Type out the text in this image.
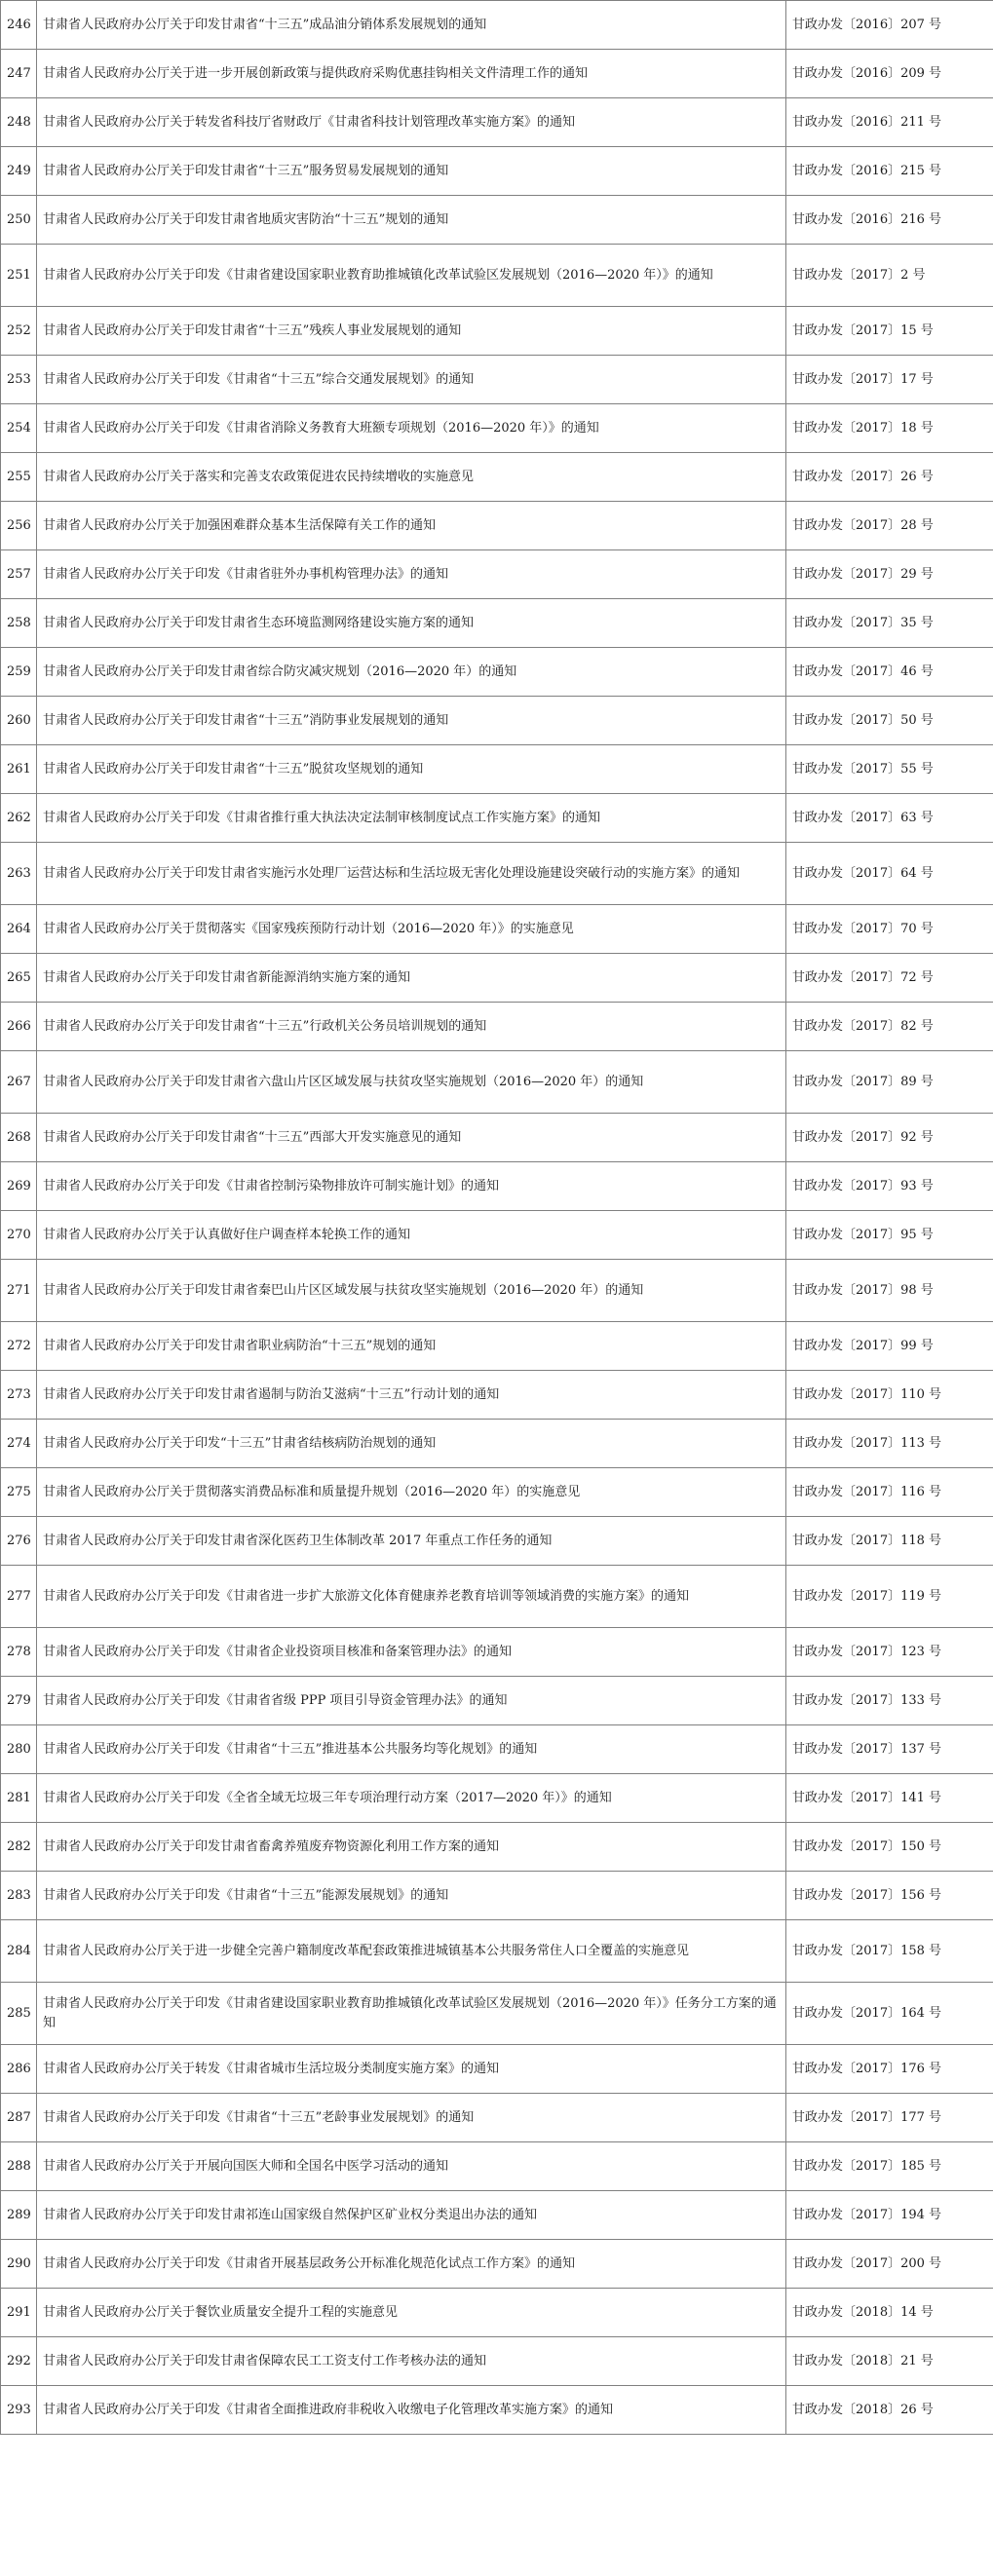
246	甘肃省人民政府办公厅关于印发甘肃省“十三五”成品油分销体系发展规划的通知	甘政办发〔2016〕207 号
247	甘肃省人民政府办公厅关于进一步开展创新政策与提供政府采购优惠挂钩相关文件清理工作的通知	甘政办发〔2016〕209 号
248	甘肃省人民政府办公厅关于转发省科技厅省财政厅《甘肃省科技计划管理改革实施方案》的通知	甘政办发〔2016〕211 号
249	甘肃省人民政府办公厅关于印发甘肃省“十三五”服务贸易发展规划的通知	甘政办发〔2016〕215 号
250	甘肃省人民政府办公厅关于印发甘肃省地质灾害防治“十三五”规划的通知	甘政办发〔2016〕216 号
251	甘肃省人民政府办公厅关于印发《甘肃省建设国家职业教育助推城镇化改革试验区发展规划（2016—2020 年）》的通知	甘政办发〔2017〕2 号
252	甘肃省人民政府办公厅关于印发甘肃省“十三五”残疾人事业发展规划的通知	甘政办发〔2017〕15 号
253	甘肃省人民政府办公厅关于印发《甘肃省“十三五”综合交通发展规划》的通知	甘政办发〔2017〕17 号
254	甘肃省人民政府办公厅关于印发《甘肃省消除义务教育大班额专项规划（2016—2020 年）》的通知	甘政办发〔2017〕18 号
255	甘肃省人民政府办公厅关于落实和完善支农政策促进农民持续增收的实施意见	甘政办发〔2017〕26 号
256	甘肃省人民政府办公厅关于加强困难群众基本生活保障有关工作的通知	甘政办发〔2017〕28 号
257	甘肃省人民政府办公厅关于印发《甘肃省驻外办事机构管理办法》的通知	甘政办发〔2017〕29 号
258	甘肃省人民政府办公厅关于印发甘肃省生态环境监测网络建设实施方案的通知	甘政办发〔2017〕35 号
259	甘肃省人民政府办公厅关于印发甘肃省综合防灾减灾规划（2016—2020 年）的通知	甘政办发〔2017〕46 号
260	甘肃省人民政府办公厅关于印发甘肃省“十三五”消防事业发展规划的通知	甘政办发〔2017〕50 号
261	甘肃省人民政府办公厅关于印发甘肃省“十三五”脱贫攻坚规划的通知	甘政办发〔2017〕55 号
262	甘肃省人民政府办公厅关于印发《甘肃省推行重大执法决定法制审核制度试点工作实施方案》的通知	甘政办发〔2017〕63 号
263	甘肃省人民政府办公厅关于印发甘肃省实施污水处理厂运营达标和生活垃圾无害化处理设施建设突破行动的实施方案》的通知	甘政办发〔2017〕64 号
264	甘肃省人民政府办公厅关于贯彻落实《国家残疾预防行动计划（2016—2020 年）》的实施意见	甘政办发〔2017〕70 号
265	甘肃省人民政府办公厅关于印发甘肃省新能源消纳实施方案的通知	甘政办发〔2017〕72 号
266	甘肃省人民政府办公厅关于印发甘肃省“十三五”行政机关公务员培训规划的通知	甘政办发〔2017〕82 号
267	甘肃省人民政府办公厅关于印发甘肃省六盘山片区区域发展与扶贫攻坚实施规划（2016—2020 年）的通知	甘政办发〔2017〕89 号
268	甘肃省人民政府办公厅关于印发甘肃省“十三五”西部大开发实施意见的通知	甘政办发〔2017〕92 号
269	甘肃省人民政府办公厅关于印发《甘肃省控制污染物排放许可制实施计划》的通知	甘政办发〔2017〕93 号
270	甘肃省人民政府办公厅关于认真做好住户调查样本轮换工作的通知	甘政办发〔2017〕95 号
271	甘肃省人民政府办公厅关于印发甘肃省秦巴山片区区域发展与扶贫攻坚实施规划（2016—2020 年）的通知	甘政办发〔2017〕98 号
272	甘肃省人民政府办公厅关于印发甘肃省职业病防治“十三五”规划的通知	甘政办发〔2017〕99 号
273	甘肃省人民政府办公厅关于印发甘肃省遏制与防治艾滋病“十三五”行动计划的通知	甘政办发〔2017〕110 号
274	甘肃省人民政府办公厅关于印发“十三五”甘肃省结核病防治规划的通知	甘政办发〔2017〕113 号
275	甘肃省人民政府办公厅关于贯彻落实消费品标准和质量提升规划（2016—2020 年）的实施意见	甘政办发〔2017〕116 号
276	甘肃省人民政府办公厅关于印发甘肃省深化医药卫生体制改革 2017 年重点工作任务的通知	甘政办发〔2017〕118 号
277	甘肃省人民政府办公厅关于印发《甘肃省进一步扩大旅游文化体育健康养老教育培训等领域消费的实施方案》的通知	甘政办发〔2017〕119 号
278	甘肃省人民政府办公厅关于印发《甘肃省企业投资项目核准和备案管理办法》的通知	甘政办发〔2017〕123 号
279	甘肃省人民政府办公厅关于印发《甘肃省省级 PPP 项目引导资金管理办法》的通知	甘政办发〔2017〕133 号
280	甘肃省人民政府办公厅关于印发《甘肃省“十三五”推进基本公共服务均等化规划》的通知	甘政办发〔2017〕137 号
281	甘肃省人民政府办公厅关于印发《全省全域无垃圾三年专项治理行动方案（2017—2020 年）》的通知	甘政办发〔2017〕141 号
282	甘肃省人民政府办公厅关于印发甘肃省畜禽养殖废弃物资源化利用工作方案的通知	甘政办发〔2017〕150 号
283	甘肃省人民政府办公厅关于印发《甘肃省“十三五”能源发展规划》的通知	甘政办发〔2017〕156 号
284	甘肃省人民政府办公厅关于进一步健全完善户籍制度改革配套政策推进城镇基本公共服务常住人口全覆盖的实施意见	甘政办发〔2017〕158 号
285	甘肃省人民政府办公厅关于印发《甘肃省建设国家职业教育助推城镇化改革试验区发展规划（2016—2020 年）》任务分工方案的通知	甘政办发〔2017〕164 号
286	甘肃省人民政府办公厅关于转发《甘肃省城市生活垃圾分类制度实施方案》的通知	甘政办发〔2017〕176 号
287	甘肃省人民政府办公厅关于印发《甘肃省“十三五”老龄事业发展规划》的通知	甘政办发〔2017〕177 号
288	甘肃省人民政府办公厅关于开展向国医大师和全国名中医学习活动的通知	甘政办发〔2017〕185 号
289	甘肃省人民政府办公厅关于印发甘肃祁连山国家级自然保护区矿业权分类退出办法的通知	甘政办发〔2017〕194 号
290	甘肃省人民政府办公厅关于印发《甘肃省开展基层政务公开标准化规范化试点工作方案》的通知	甘政办发〔2017〕200 号
291	甘肃省人民政府办公厅关于餐饮业质量安全提升工程的实施意见	甘政办发〔2018〕14 号
292	甘肃省人民政府办公厅关于印发甘肃省保障农民工工资支付工作考核办法的通知	甘政办发〔2018〕21 号
293	甘肃省人民政府办公厅关于印发《甘肃省全面推进政府非税收入收缴电子化管理改革实施方案》的通知	甘政办发〔2018〕26 号
